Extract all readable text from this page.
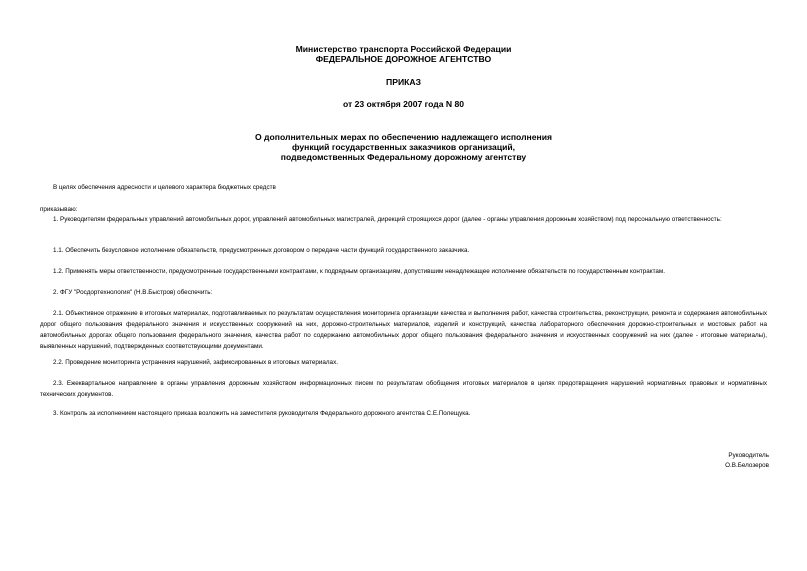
Министерство транспорта Российской Федерации
ФЕДЕРАЛЬНОЕ ДОРОЖНОЕ АГЕНТСТВО
ПРИКАЗ
от 23 октября 2007 года N 80
О дополнительных мерах по обеспечению надлежащего исполнения
функций государственных заказчиков организаций,
подведомственных Федеральному дорожному агентству
В целях обеспечения адресности и целевого характера бюджетных средств
приказываю:
1. Руководителям федеральных управлений автомобильных дорог, управлений автомобильных магистралей, дирекций строящихся дорог (далее - органы управления дорожным хозяйством) под персональную ответственность:
1.1. Обеспечить безусловное исполнение обязательств, предусмотренных договором о передаче части функций государственного заказчика.
1.2. Применять меры ответственности, предусмотренные государственными контрактами, к подрядным организациям, допустившим ненадлежащее исполнение обязательств по государственным контрактам.
2. ФГУ "Росдортехнология" (Н.В.Быстров) обеспечить:
2.1. Объективное отражение в итоговых материалах, подготавливаемых по результатам осуществления мониторинга организации качества и выполнения работ, качества строительства, реконструкции, ремонта и содержания автомобильных дорог общего пользования федерального значения и искусственных сооружений на них, дорожно-строительных материалов, изделий и конструкций, качества лабораторного обеспечения дорожно-строительных и мостовых работ на автомобильных дорогах общего пользования федерального значения, качества работ по содержанию автомобильных дорог общего пользования федерального значения и искусственных сооружений на них (далее - итоговые материалы), выявленных нарушений, подтвержденных соответствующими документами.
2.2. Проведение мониторинга устранения нарушений, зафиксированных в итоговых материалах.
2.3. Ежеквартальное направление в органы управления дорожным хозяйством информационных писем по результатам обобщения итоговых материалов в целях предотвращения нарушений нормативных правовых и нормативных технических документов.
3. Контроль за исполнением настоящего приказа возложить на заместителя руководителя Федерального дорожного агентства С.Е.Полещука.
Руководитель
О.В.Белозеров
